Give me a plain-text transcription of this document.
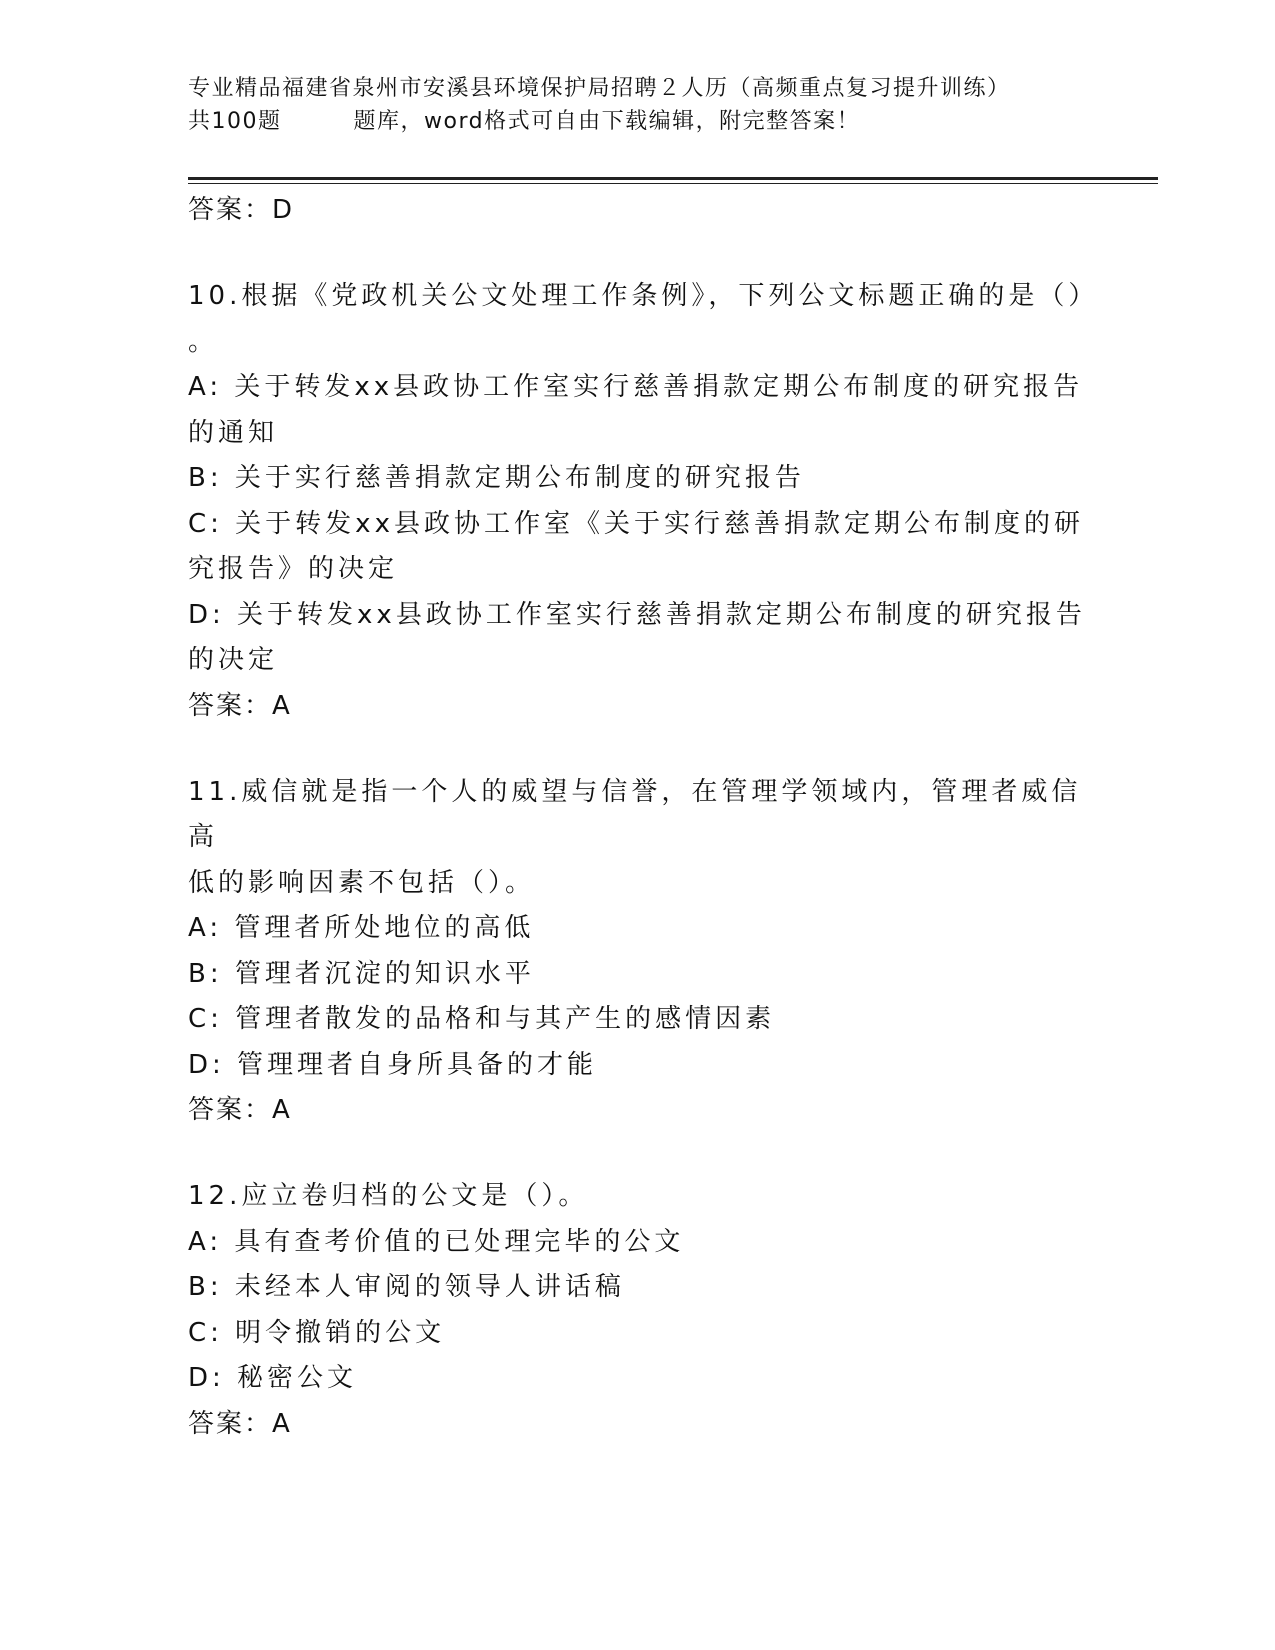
专业精品福建省泉州市安溪县环境保护局招聘２人历（高频重点复习提升训练）
共100题	题库，word格式可自由下载编辑，附完整答案！

答案：D

10.根据《党政机关公文处理工作条例》，下列公文标题正确的是（）

。

A: 关于转发xx县政协工作室实行慈善捐款定期公布制度的研究报告

的通知

B: 关于实行慈善捐款定期公布制度的研究报告

C: 关于转发xx县政协工作室《关于实行慈善捐款定期公布制度的研

究报告》的决定

D: 关于转发xx县政协工作室实行慈善捐款定期公布制度的研究报告

的决定

答案：A

11.威信就是指一个人的威望与信誉，在管理学领域内，管理者威信高

低的影响因素不包括（）。

A: 管理者所处地位的高低

B: 管理者沉淀的知识水平

C: 管理者散发的品格和与其产生的感情因素

D: 管理理者自身所具备的才能

答案：A

12.应立卷归档的公文是（）。

A: 具有查考价值的已处理完毕的公文

B: 未经本人审阅的领导人讲话稿

C: 明令撤销的公文

D: 秘密公文

答案：A
